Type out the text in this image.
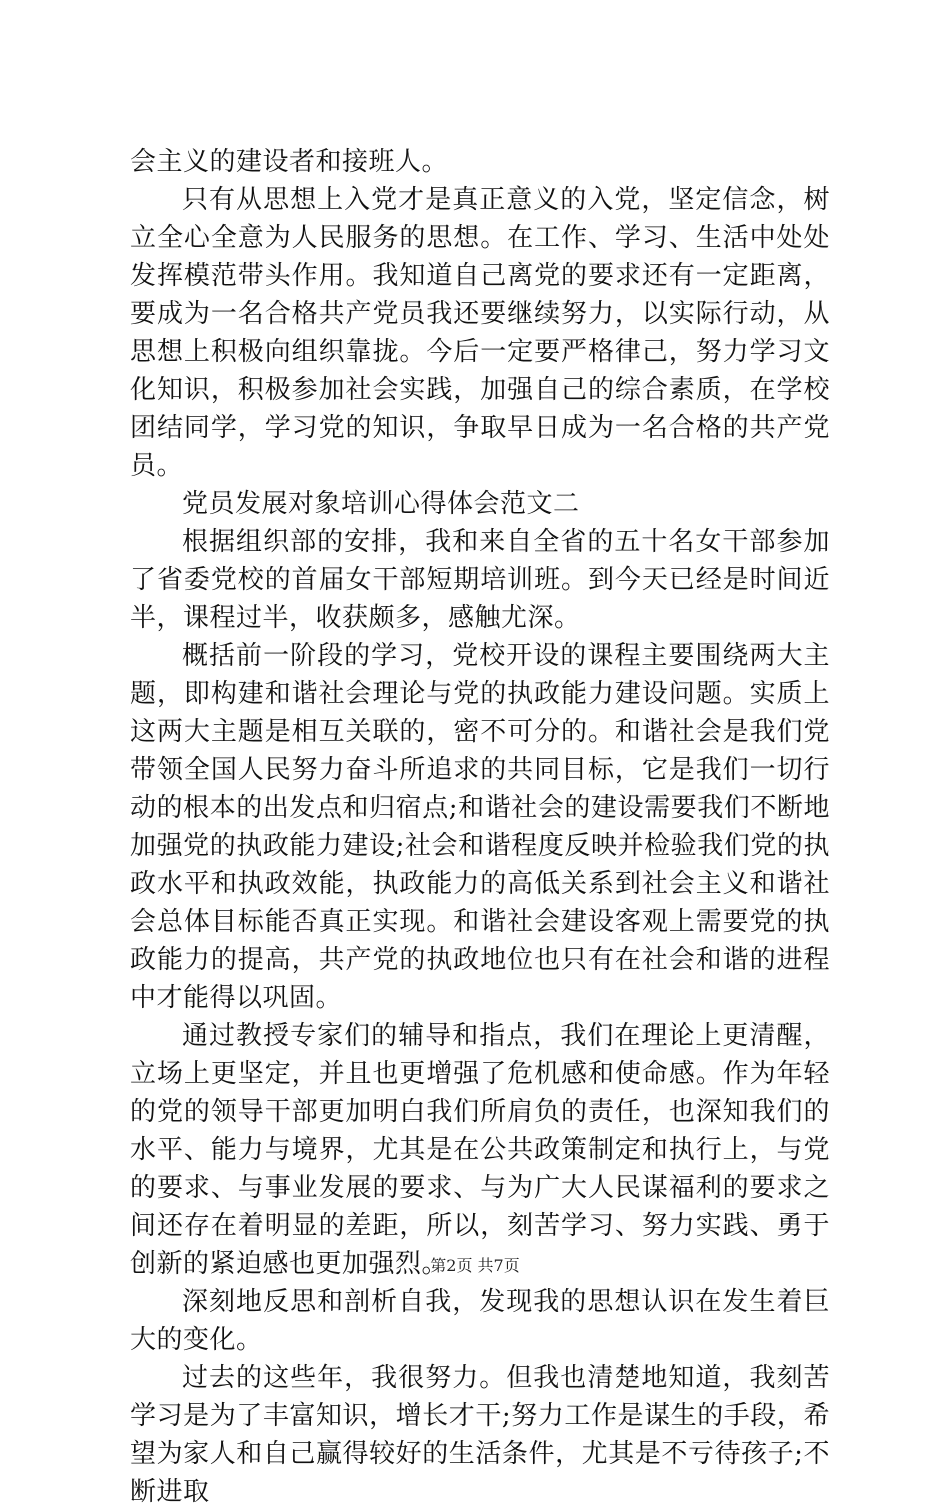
会主义的建设者和接班人。

只有从思想上入党才是真正意义的入党，坚定信念，树立全心全意为人民服务的思想。在工作、学习、生活中处处发挥模范带头作用。我知道自己离党的要求还有一定距离，要成为一名合格共产党员我还要继续努力，以实际行动，从思想上积极向组织靠拢。今后一定要严格律己，努力学习文化知识，积极参加社会实践，加强自己的综合素质，在学校团结同学，学习党的知识，争取早日成为一名合格的共产党员。

党员发展对象培训心得体会范文二

根据组织部的安排，我和来自全省的五十名女干部参加了省委党校的首届女干部短期培训班。到今天已经是时间近半，课程过半，收获颇多，感触尤深。

概括前一阶段的学习，党校开设的课程主要围绕两大主题，即构建和谐社会理论与党的执政能力建设问题。实质上这两大主题是相互关联的，密不可分的。和谐社会是我们党带领全国人民努力奋斗所追求的共同目标，它是我们一切行动的根本的出发点和归宿点;和谐社会的建设需要我们不断地加强党的执政能力建设;社会和谐程度反映并检验我们党的执政水平和执政效能，执政能力的高低关系到社会主义和谐社会总体目标能否真正实现。和谐社会建设客观上需要党的执政能力的提高，共产党的执政地位也只有在社会和谐的进程中才能得以巩固。

通过教授专家们的辅导和指点，我们在理论上更清醒，立场上更坚定，并且也更增强了危机感和使命感。作为年轻的党的领导干部更加明白我们所肩负的责任，也深知我们的水平、能力与境界，尤其是在公共政策制定和执行上，与党的要求、与事业发展的要求、与为广大人民谋福利的要求之间还存在着明显的差距，所以，刻苦学习、努力实践、勇于创新的紧迫感也更加强烈。

深刻地反思和剖析自我，发现我的思想认识在发生着巨大的变化。

过去的这些年，我很努力。但我也清楚地知道，我刻苦学习是为了丰富知识，增长才干;努力工作是谋生的手段，希望为家人和自己赢得较好的生活条件，尤其是不亏待孩子;不断进取

第2页 共7页
